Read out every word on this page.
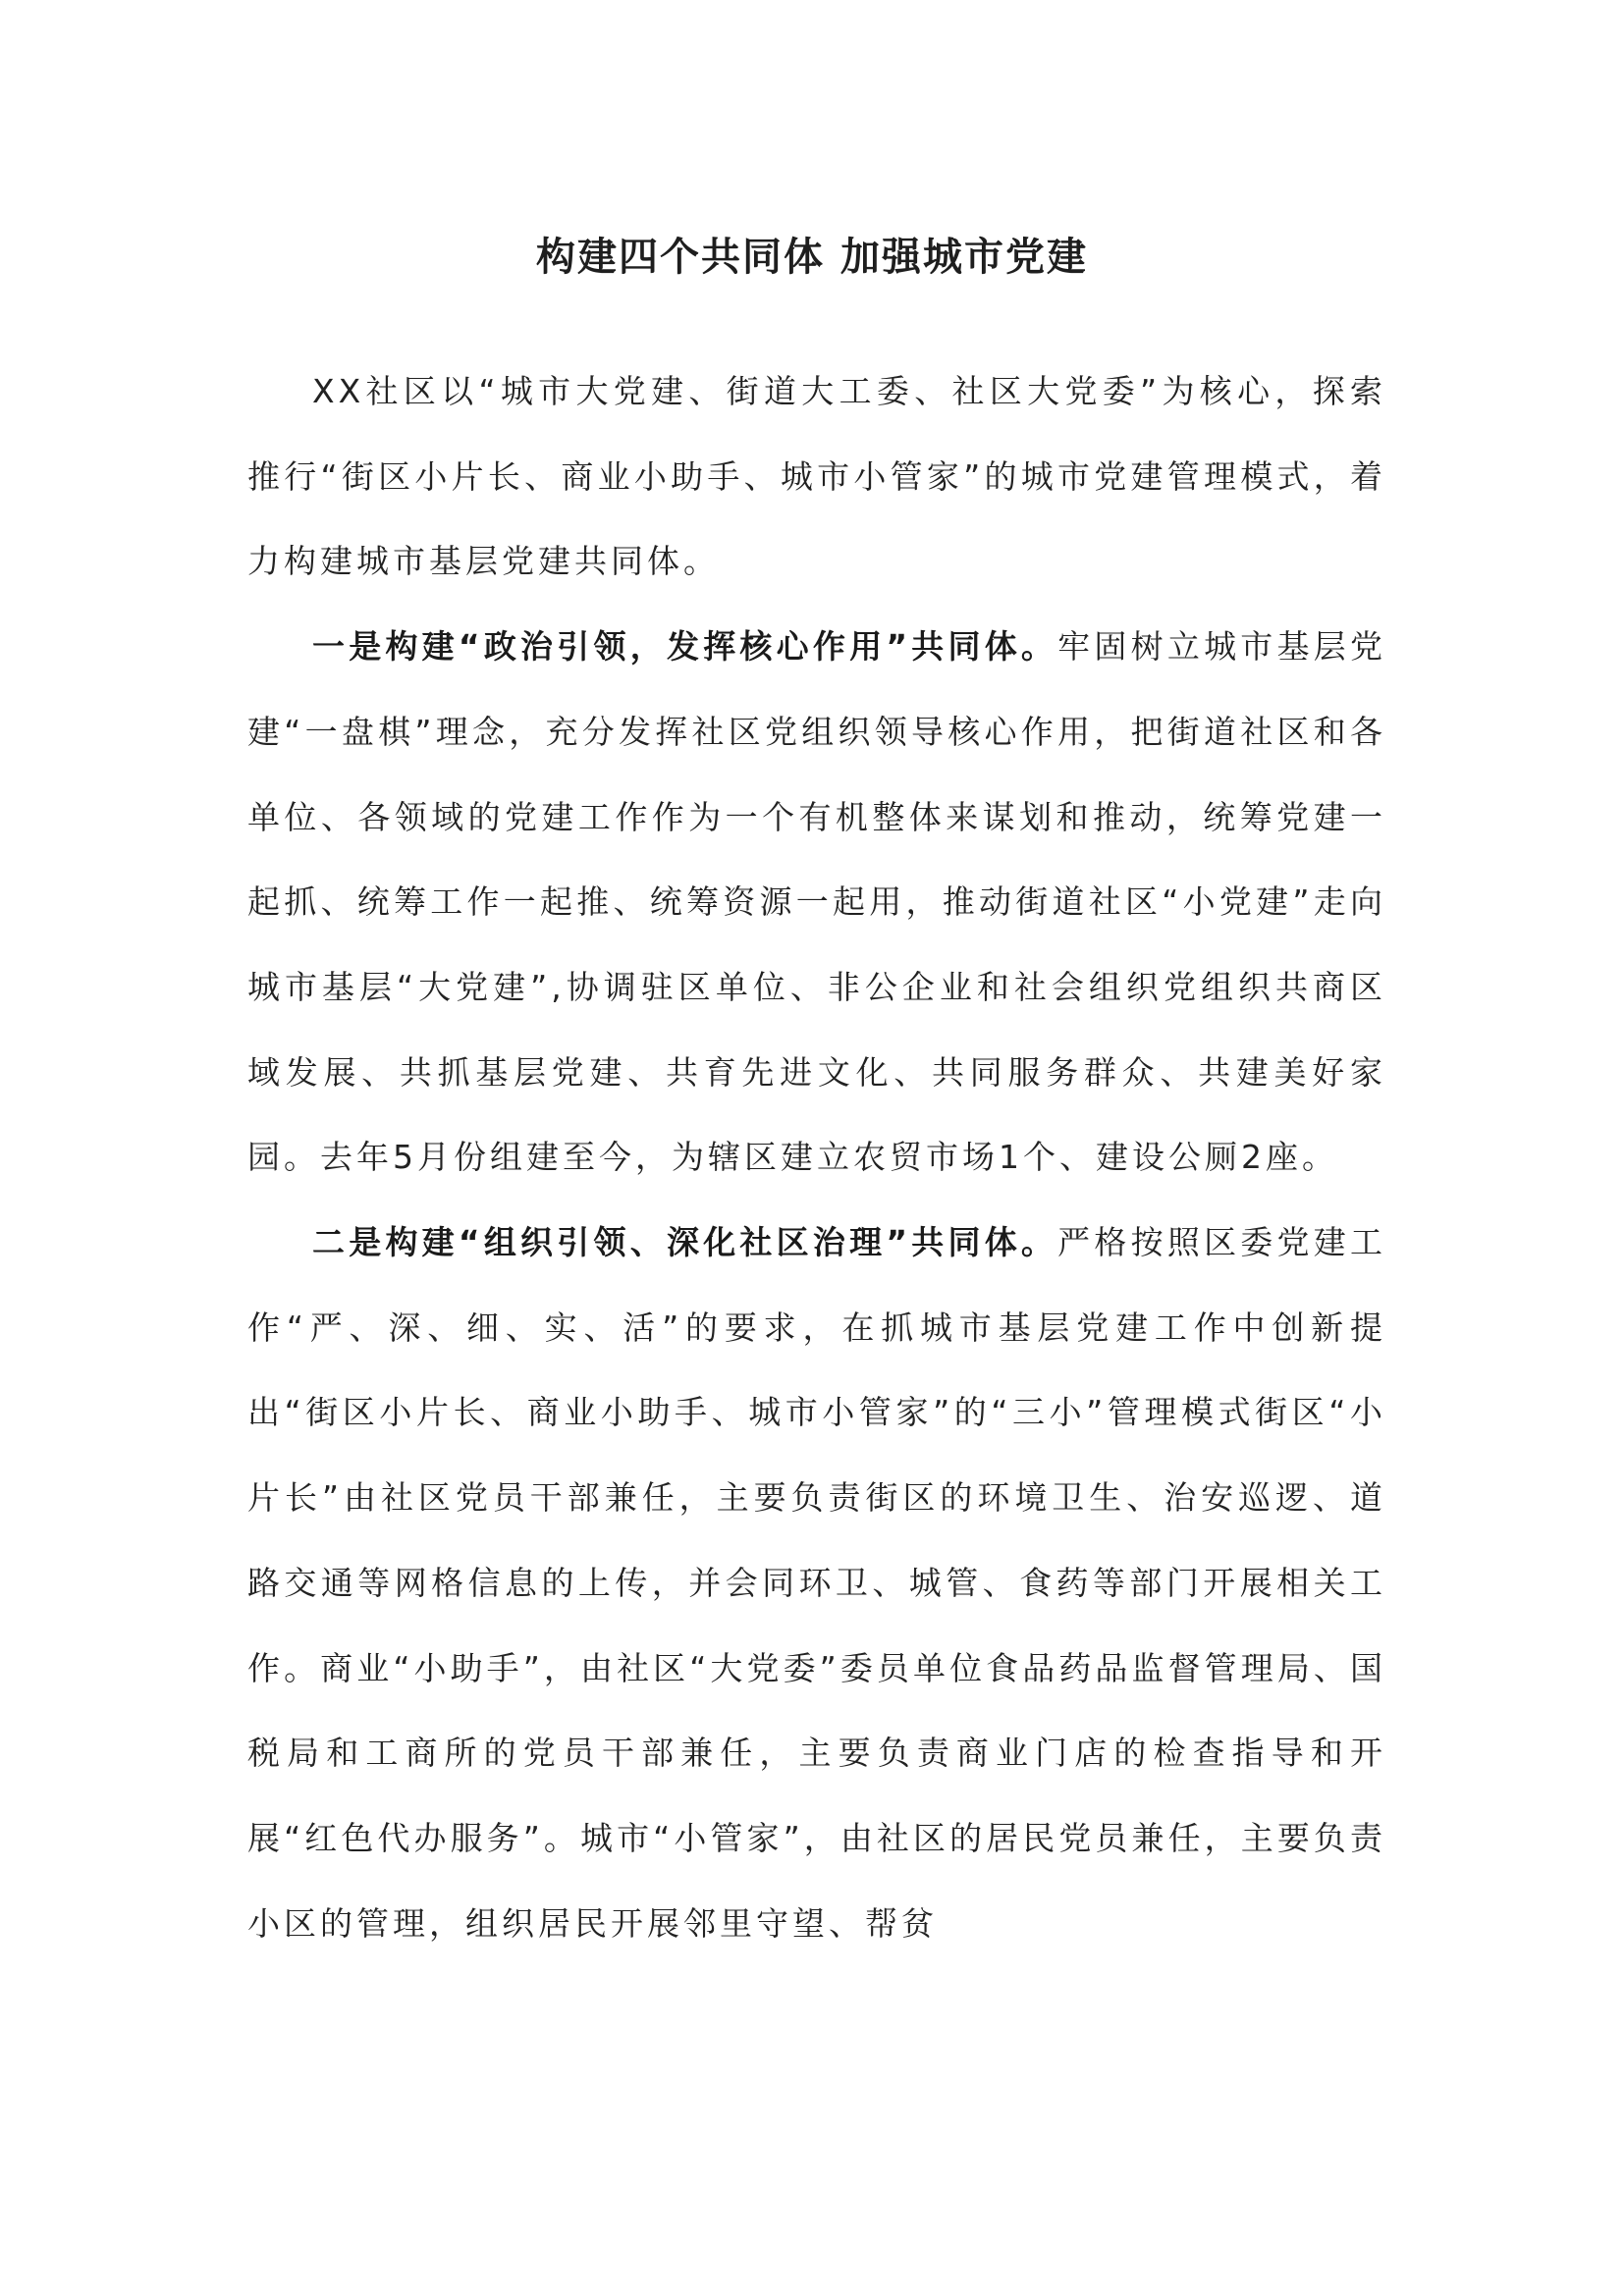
构建四个共同体 加强城市党建

XX社区以“城市大党建、街道大工委、社区大党委”为核心，探索推行“街区小片长、商业小助手、城市小管家”的城市党建管理模式，着力构建城市基层党建共同体。

一是构建“政治引领，发挥核心作用”共同体。牢固树立城市基层党建“一盘棋”理念，充分发挥社区党组织领导核心作用，把街道社区和各单位、各领域的党建工作作为一个有机整体来谋划和推动，统筹党建一起抓、统筹工作一起推、统筹资源一起用，推动街道社区“小党建”走向城市基层“大党建”,协调驻区单位、非公企业和社会组织党组织共商区域发展、共抓基层党建、共育先进文化、共同服务群众、共建美好家园。去年5月份组建至今，为辖区建立农贸市场1个、建设公厕2座。

二是构建“组织引领、深化社区治理”共同体。严格按照区委党建工作“严、深、细、实、活”的要求，在抓城市基层党建工作中创新提出“街区小片长、商业小助手、城市小管家”的“三小”管理模式街区“小片长”由社区党员干部兼任，主要负责街区的环境卫生、治安巡逻、道路交通等网格信息的上传，并会同环卫、城管、食药等部门开展相关工作。商业“小助手”，由社区“大党委”委员单位食品药品监督管理局、国税局和工商所的党员干部兼任，主要负责商业门店的检查指导和开展“红色代办服务”。城市“小管家”，由社区的居民党员兼任，主要负责小区的管理，组织居民开展邻里守望、帮贫
